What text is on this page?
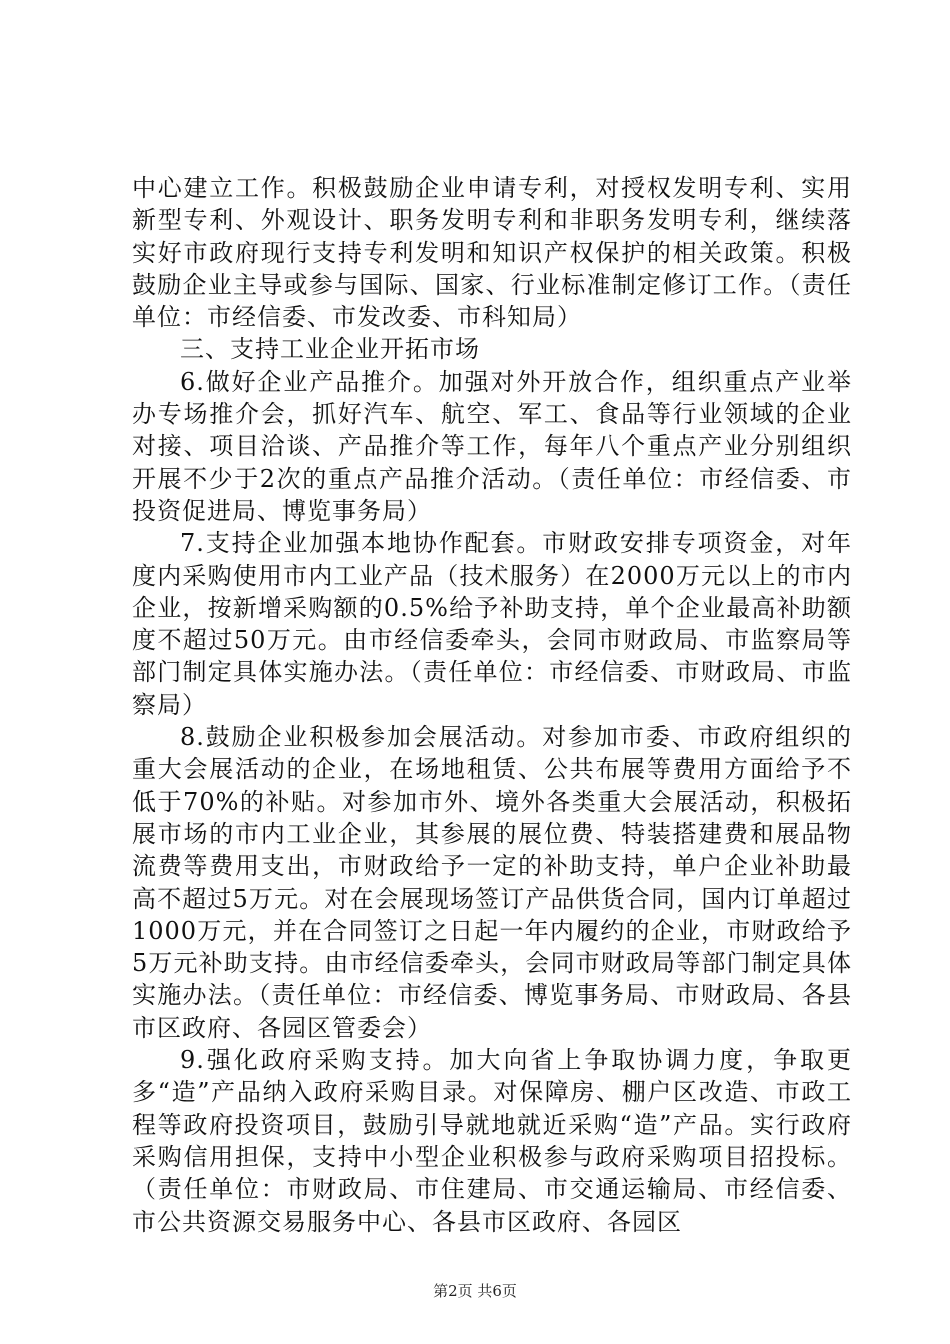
中心建立工作。积极鼓励企业申请专利，对授权发明专利、实用新型专利、外观设计、职务发明专利和非职务发明专利，继续落实好市政府现行支持专利发明和知识产权保护的相关政策。积极鼓励企业主导或参与国际、国家、行业标准制定修订工作。（责任单位：市经信委、市发改委、市科知局）

三、支持工业企业开拓市场

6.做好企业产品推介。加强对外开放合作，组织重点产业举办专场推介会，抓好汽车、航空、军工、食品等行业领域的企业对接、项目洽谈、产品推介等工作，每年八个重点产业分别组织开展不少于2次的重点产品推介活动。（责任单位：市经信委、市投资促进局、博览事务局）

7.支持企业加强本地协作配套。市财政安排专项资金，对年度内采购使用市内工业产品（技术服务）在2000万元以上的市内企业，按新增采购额的0.5%给予补助支持，单个企业最高补助额度不超过50万元。由市经信委牵头，会同市财政局、市监察局等部门制定具体实施办法。（责任单位：市经信委、市财政局、市监察局）

8.鼓励企业积极参加会展活动。对参加市委、市政府组织的重大会展活动的企业，在场地租赁、公共布展等费用方面给予不低于70%的补贴。对参加市外、境外各类重大会展活动，积极拓展市场的市内工业企业，其参展的展位费、特装搭建费和展品物流费等费用支出，市财政给予一定的补助支持，单户企业补助最高不超过5万元。对在会展现场签订产品供货合同，国内订单超过1000万元，并在合同签订之日起一年内履约的企业，市财政给予5万元补助支持。由市经信委牵头，会同市财政局等部门制定具体实施办法。（责任单位：市经信委、博览事务局、市财政局、各县市区政府、各园区管委会）

9.强化政府采购支持。加大向省上争取协调力度，争取更多“造”产品纳入政府采购目录。对保障房、棚户区改造、市政工程等政府投资项目，鼓励引导就地就近采购“造”产品。实行政府采购信用担保，支持中小型企业积极参与政府采购项目招投标。（责任单位：市财政局、市住建局、市交通运输局、市经信委、市公共资源交易服务中心、各县市区政府、各园区

第2页 共6页
